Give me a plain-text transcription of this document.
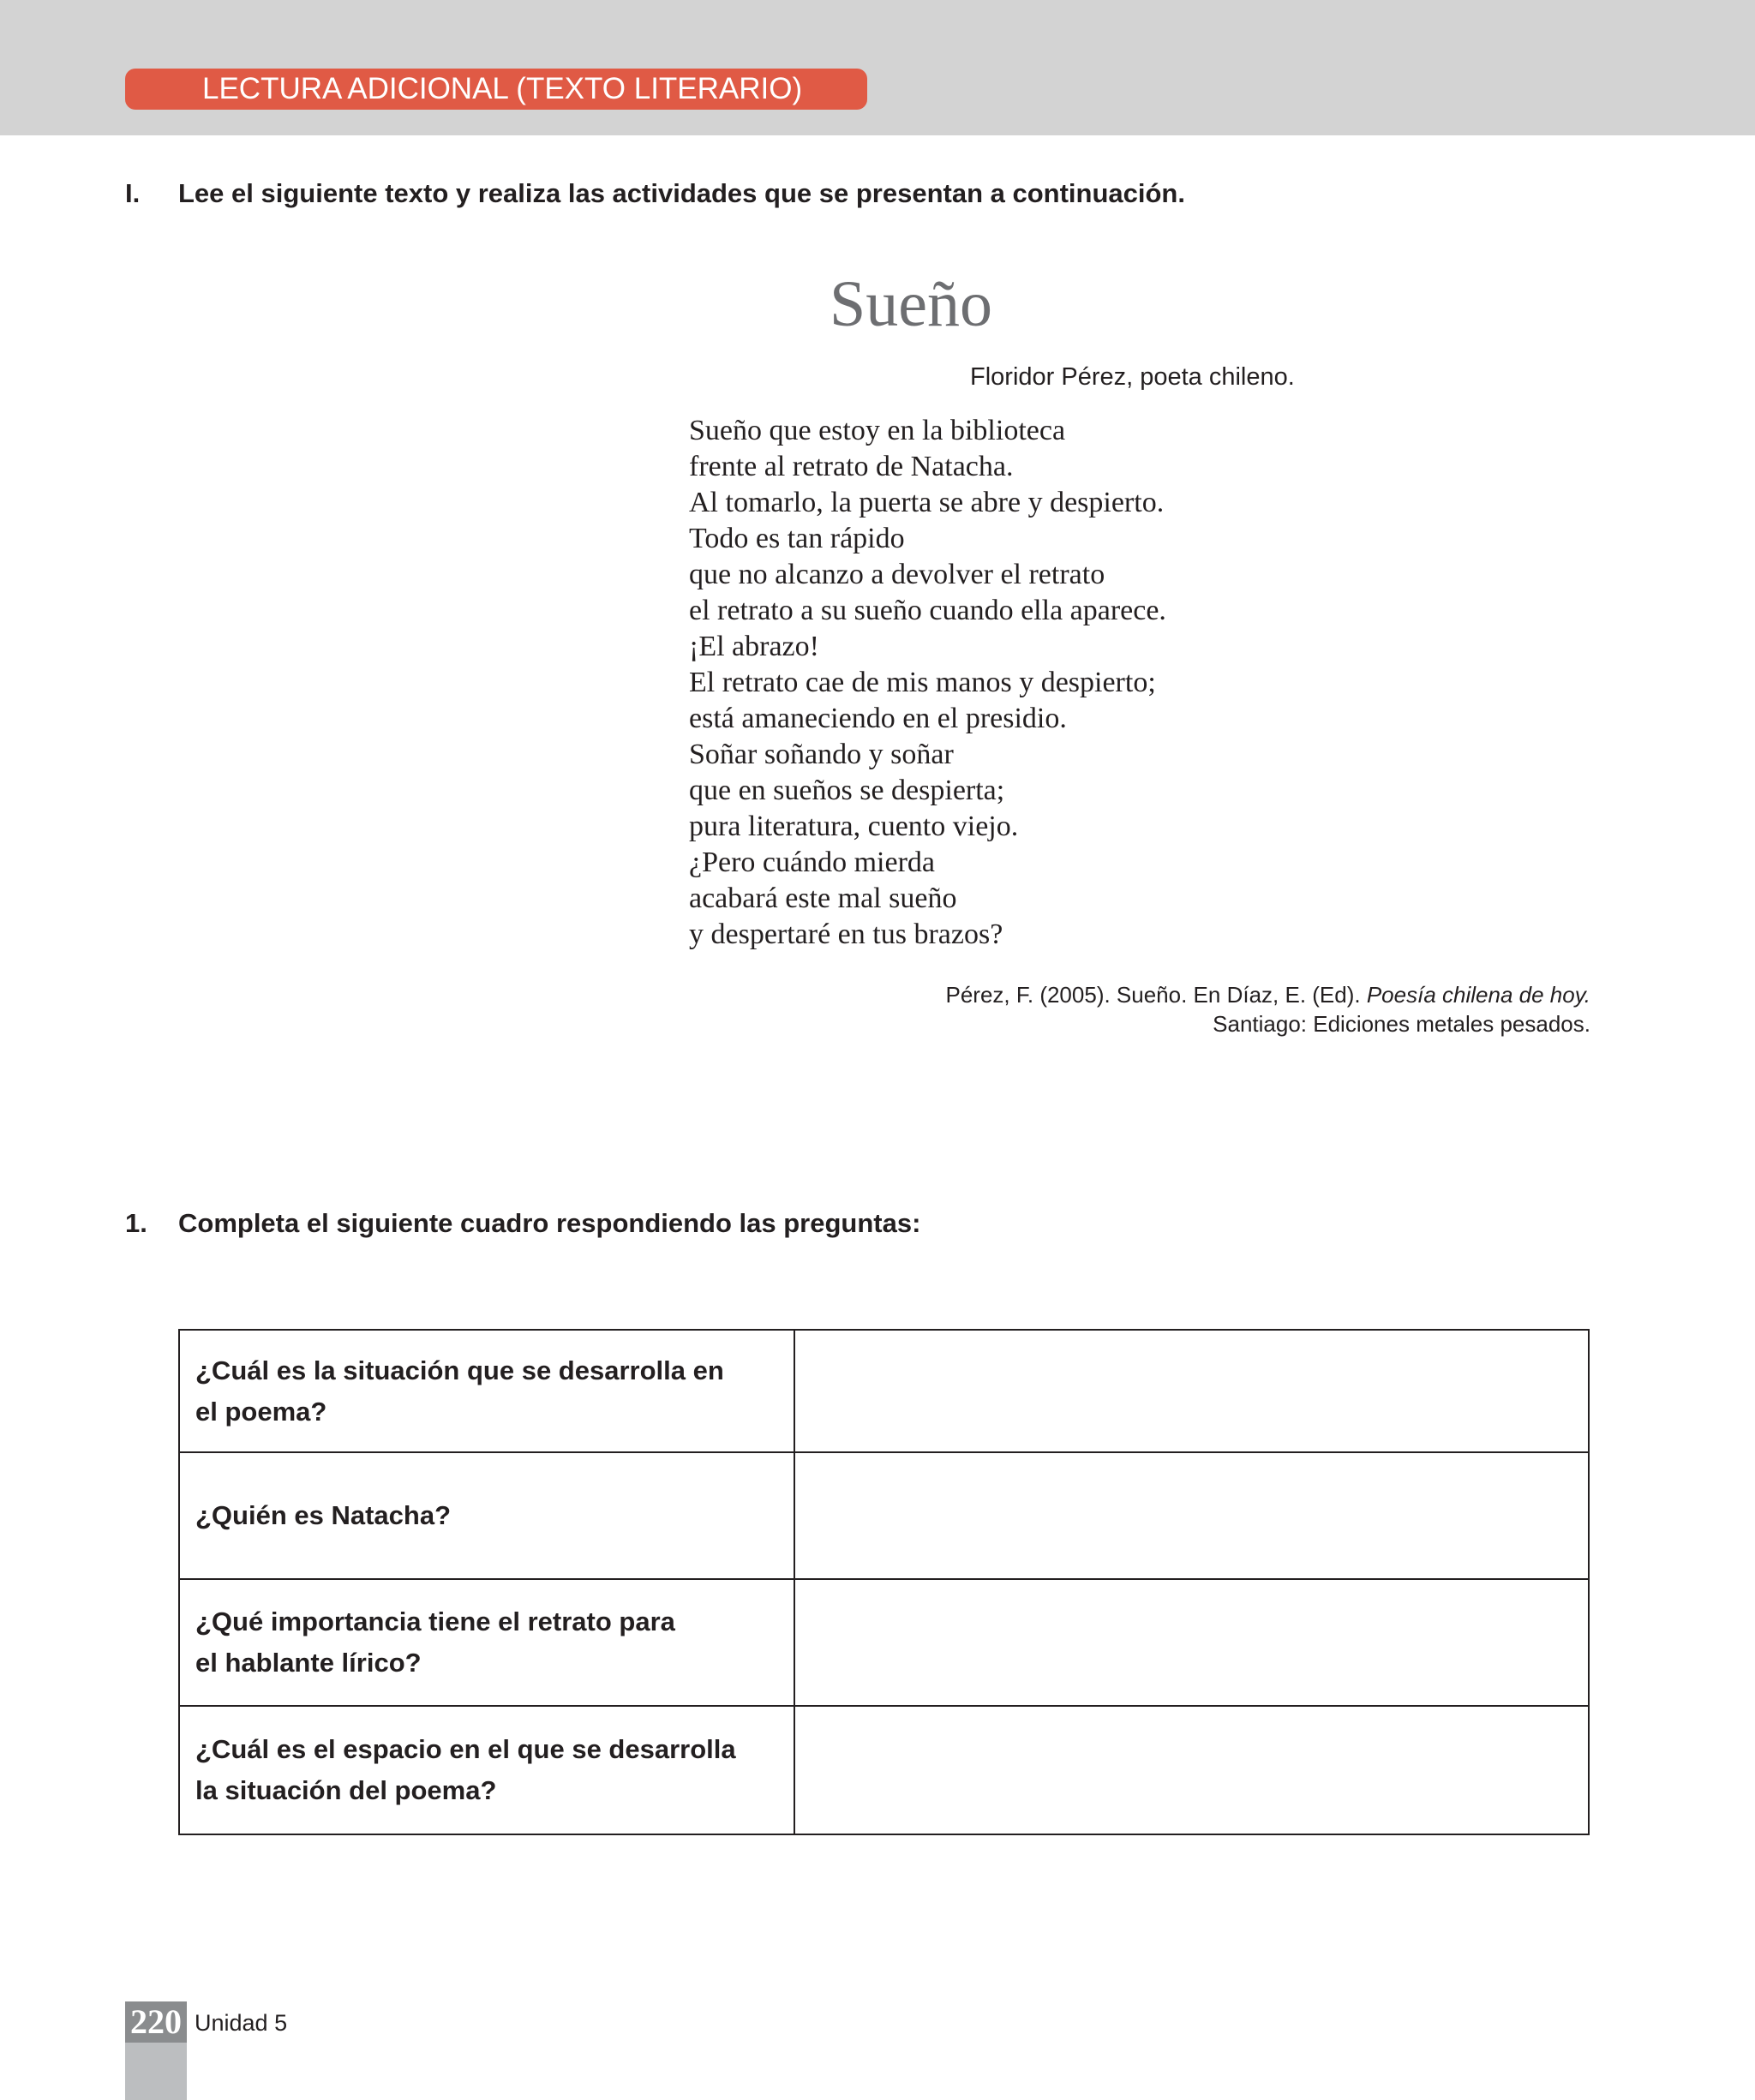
LECTURA ADICIONAL (TEXTO LITERARIO)
I. Lee el siguiente texto y realiza las actividades que se presentan a continuación.
Sueño
Floridor Pérez, poeta chileno.
Sueño que estoy en la biblioteca
frente al retrato de Natacha.
Al tomarlo, la puerta se abre y despierto.
Todo es tan rápido
que no alcanzo a devolver el retrato
el retrato a su sueño cuando ella aparece.
¡El abrazo!
El retrato cae de mis manos y despierto;
está amaneciendo en el presidio.
Soñar soñando y soñar
que en sueños se despierta;
pura literatura, cuento viejo.
¿Pero cuándo mierda
acabará este mal sueño
y despertaré en tus brazos?
Pérez, F. (2005). Sueño. En Díaz, E. (Ed). Poesía chilena de hoy.
Santiago: Ediciones metales pesados.
1. Completa el siguiente cuadro respondiendo las preguntas:
¿Cuál es la situación que se desarrolla en
el poema?	

¿Quién es Natacha?	

¿Qué importancia tiene el retrato para
el hablante lírico?	

¿Cuál es el espacio en el que se desarrolla
la situación del poema?	

220 Unidad 5
